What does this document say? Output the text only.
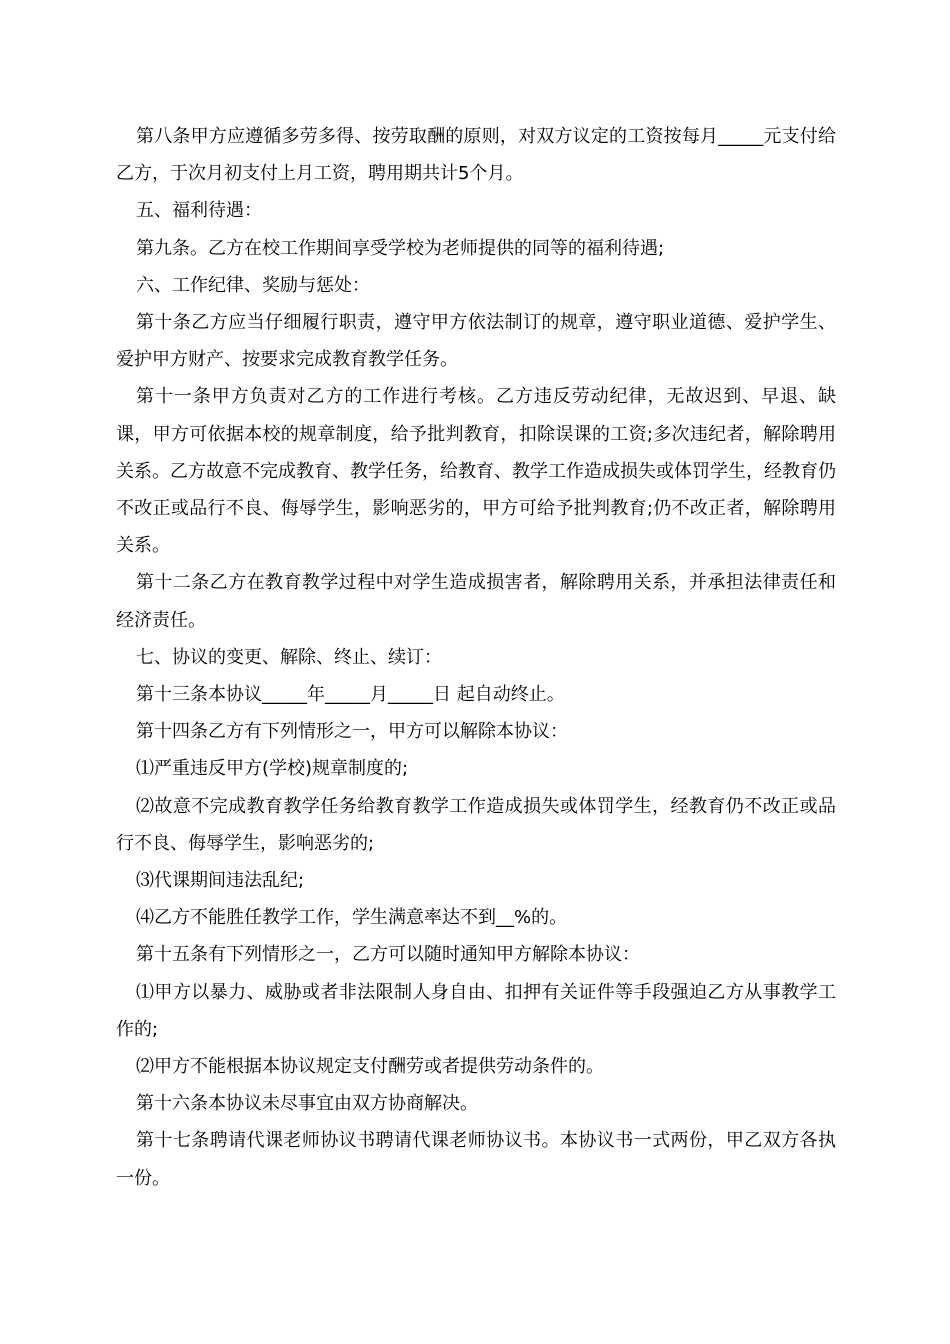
第八条甲方应遵循多劳多得、按劳取酬的原则，对双方议定的工资按每月_____元支付给乙方，于次月初支付上月工资，聘用期共计5个月。

五、福利待遇：

第九条。乙方在校工作期间享受学校为老师提供的同等的福利待遇;

六、工作纪律、奖励与惩处：

第十条乙方应当仔细履行职责，遵守甲方依法制订的规章，遵守职业道德、爱护学生、爱护甲方财产、按要求完成教育教学任务。

第十一条甲方负责对乙方的工作进行考核。乙方违反劳动纪律，无故迟到、早退、缺课，甲方可依据本校的规章制度，给予批判教育，扣除误课的工资;多次违纪者，解除聘用关系。乙方故意不完成教育、教学任务，给教育、教学工作造成损失或体罚学生，经教育仍不改正或品行不良、侮辱学生，影响恶劣的，甲方可给予批判教育;仍不改正者，解除聘用关系。

第十二条乙方在教育教学过程中对学生造成损害者，解除聘用关系，并承担法律责任和经济责任。

七、协议的变更、解除、终止、续订：

第十三条本协议_____年_____月_____日 起自动终止。

第十四条乙方有下列情形之一，甲方可以解除本协议：

⑴严重违反甲方(学校)规章制度的;

⑵故意不完成教育教学任务给教育教学工作造成损失或体罚学生，经教育仍不改正或品行不良、侮辱学生，影响恶劣的;

⑶代课期间违法乱纪;

⑷乙方不能胜任教学工作，学生满意率达不到__%的。

第十五条有下列情形之一，乙方可以随时通知甲方解除本协议：

⑴甲方以暴力、威胁或者非法限制人身自由、扣押有关证件等手段强迫乙方从事教学工作的;

⑵甲方不能根据本协议规定支付酬劳或者提供劳动条件的。

第十六条本协议未尽事宜由双方协商解决。

第十七条聘请代课老师协议书聘请代课老师协议书。本协议书一式两份，甲乙双方各执一份。
